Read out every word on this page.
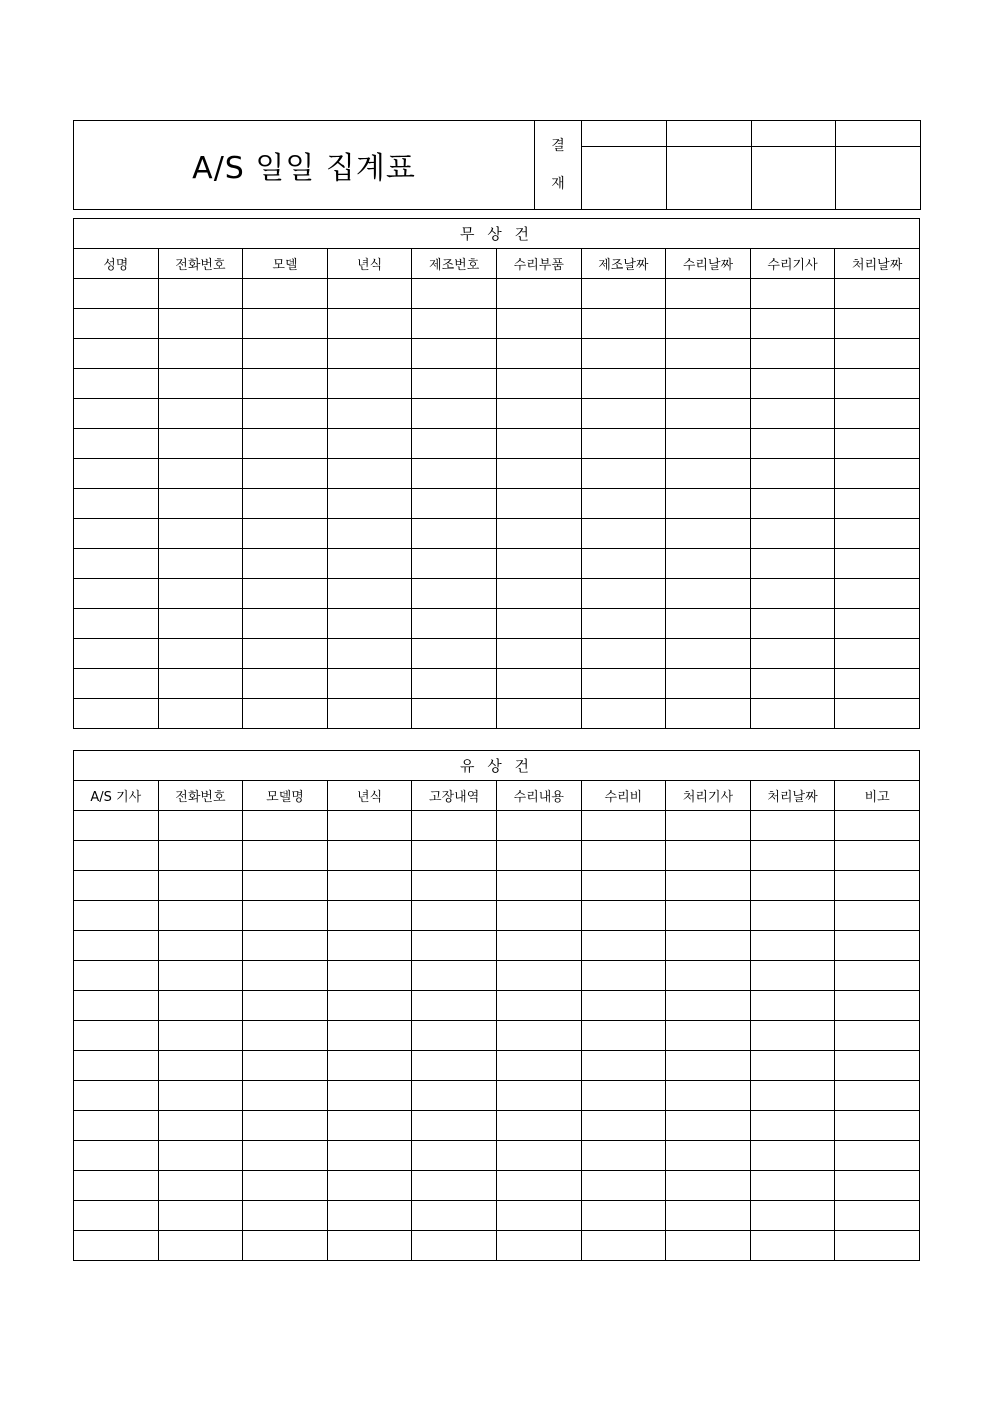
A/S 일일 집계표	결
재				

무 상 건									
성명	전화번호	모델	년식	제조번호	수리부품	제조날짜	수리날짜	수리기사	처리날짜

유 상 건									
A/S 기사	전화번호	모델명	년식	고장내역	수리내용	수리비	처리기사	처리날짜	비고
